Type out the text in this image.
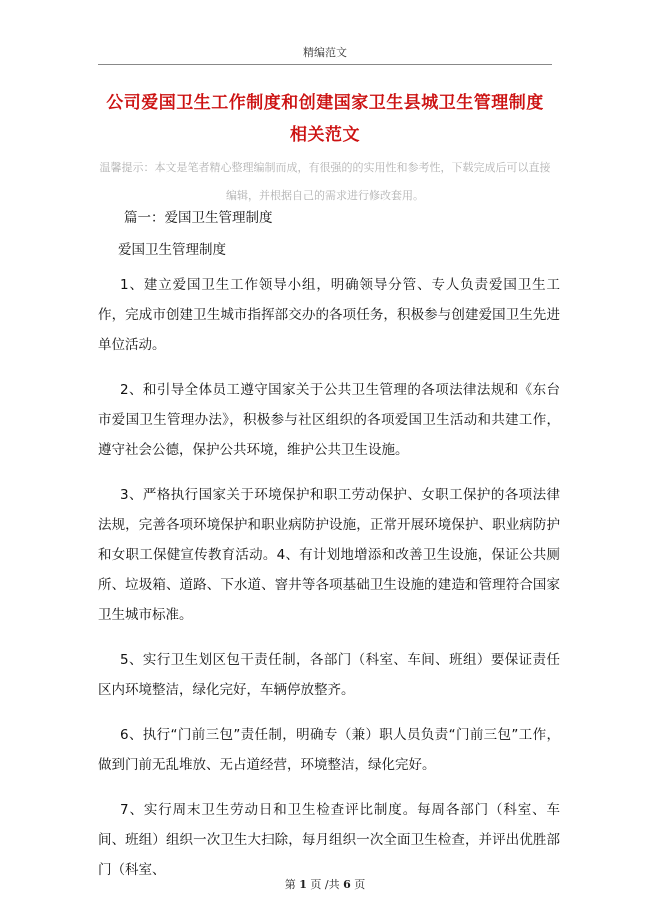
精编范文
公司爱国卫生工作制度和创建国家卫生县城卫生管理制度
相关范文
温馨提示：本文是笔者精心整理编制而成，有很强的的实用性和参考性，下载完成后可以直接编辑，并根据自己的需求进行修改套用。
篇一：爱国卫生管理制度
爱国卫生管理制度

1、建立爱国卫生工作领导小组，明确领导分管、专人负责爱国卫生工作，完成市创建卫生城市指挥部交办的各项任务，积极参与创建爱国卫生先进单位活动。

2、和引导全体员工遵守国家关于公共卫生管理的各项法律法规和《东台市爱国卫生管理办法》，积极参与社区组织的各项爱国卫生活动和共建工作，遵守社会公德，保护公共环境，维护公共卫生设施。

3、严格执行国家关于环境保护和职工劳动保护、女职工保护的各项法律法规，完善各项环境保护和职业病防护设施，正常开展环境保护、职业病防护和女职工保健宣传教育活动。4、有计划地增添和改善卫生设施，保证公共厕所、垃圾箱、道路、下水道、窨井等各项基础卫生设施的建造和管理符合国家卫生城市标准。

5、实行卫生划区包干责任制，各部门（科室、车间、班组）要保证责任区内环境整洁，绿化完好，车辆停放整齐。

6、执行“门前三包”责任制，明确专（兼）职人员负责“门前三包”工作，做到门前无乱堆放、无占道经营，环境整洁，绿化完好。

7、实行周末卫生劳动日和卫生检查评比制度。每周各部门（科室、车间、班组）组织一次卫生大扫除，每月组织一次全面卫生检查，并评出优胜部门（科室、

第 1 页 /共 6 页
